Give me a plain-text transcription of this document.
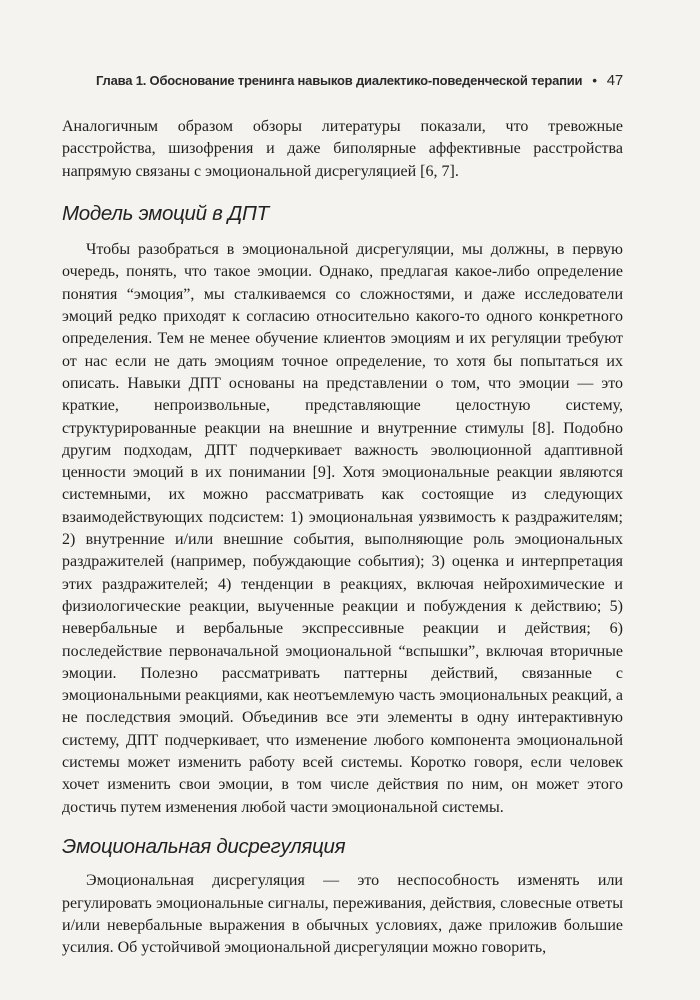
Глава 1. Обоснование тренинга навыков диалектико-поведенческой терапии • 47

Аналогичным образом обзоры литературы показали, что тревожные расстройства, шизофрения и даже биполярные аффективные расстройства напрямую связаны с эмоциональной дисрегуляцией [6, 7].

Модель эмоций в ДПТ

Чтобы разобраться в эмоциональной дисрегуляции, мы должны, в первую очередь, понять, что такое эмоции. Однако, предлагая какое-либо определение понятия “эмоция”, мы сталкиваемся со сложностями, и даже исследователи эмоций редко приходят к согласию относительно какого-то одного конкретного определения. Тем не менее обучение клиентов эмоциям и их регуляции требуют от нас если не дать эмоциям точное определение, то хотя бы попытаться их описать. Навыки ДПТ основаны на представлении о том, что эмоции — это краткие, непроизвольные, представляющие целостную систему, структурированные реакции на внешние и внутренние стимулы [8]. Подобно другим подходам, ДПТ подчеркивает важность эволюционной адаптивной ценности эмоций в их понимании [9]. Хотя эмоциональные реакции являются системными, их можно рассматривать как состоящие из следующих взаимодействующих подсистем: 1) эмоциональная уязвимость к раздражителям; 2) внутренние и/или внешние события, выполняющие роль эмоциональных раздражителей (например, побуждающие события); 3) оценка и интерпретация этих раздражителей; 4) тенденции в реакциях, включая нейрохимические и физиологические реакции, выученные реакции и побуждения к действию; 5) невербальные и вербальные экспрессивные реакции и действия; 6) последействие первоначальной эмоциональной “вспышки”, включая вторичные эмоции. Полезно рассматривать паттерны действий, связанные с эмоциональными реакциями, как неотъемлемую часть эмоциональных реакций, а не последствия эмоций. Объединив все эти элементы в одну интерактивную систему, ДПТ подчеркивает, что изменение любого компонента эмоциональной системы может изменить работу всей системы. Коротко говоря, если человек хочет изменить свои эмоции, в том числе действия по ним, он может этого достичь путем изменения любой части эмоциональной системы.

Эмоциональная дисрегуляция

Эмоциональная дисрегуляция — это неспособность изменять или регулировать эмоциональные сигналы, переживания, действия, словесные ответы и/или невербальные выражения в обычных условиях, даже приложив большие усилия. Об устойчивой эмоциональной дисрегуляции можно говорить,
